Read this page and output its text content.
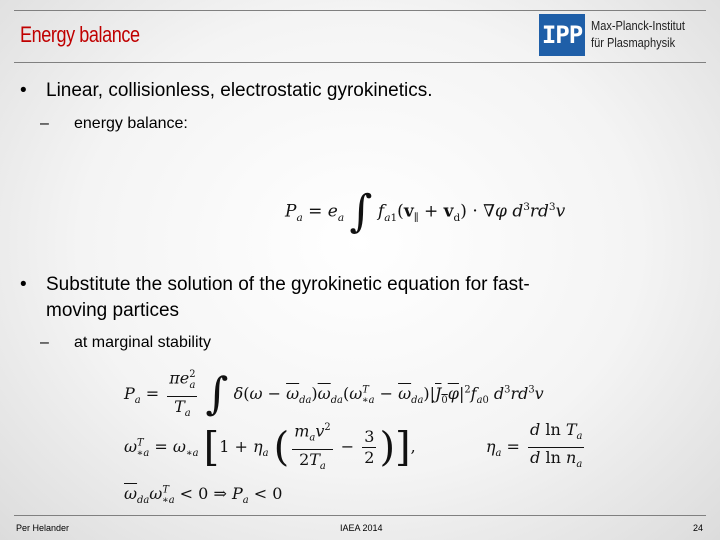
Energy balance	IPP Max-Planck-Institut
für Plasmaphysik
• Linear, collisionless, electrostatic gyrokinetics.
– energy balance:
$P_a = e_a$ ∫ $f_{a1}(v_\parallel + v_d) \cdot \nabla\varphi$ $d^3rd^3v$
• Substitute the solution of the gyrokinetic equation for fast-
moving partices
– at marginal stability
$P_a = \frac{\pi e^2_a}{T_a}$ ∫ $\delta(\omega - \overline{\omega}_{da})\overline{\omega}_{da}(\omega^T_{∗a} - \overline{\omega}_{da})|J_0\varphi|^2f_{a0}$ $d^3rd^3v$
$\omega^T_{∗a} = \omega_{∗a}$ [$1 + \eta_a$ ( $\frac{m_av^2}{2T_a} - \frac{3}{2}$ )],	$\eta_a = \frac{d \ln T_a}{d \ln n_a}$
$\overline{\omega}_{da}\omega^T_{∗a} < 0$ ⇒ $P_a < 0$
Per Helander	IAEA 2014	24
